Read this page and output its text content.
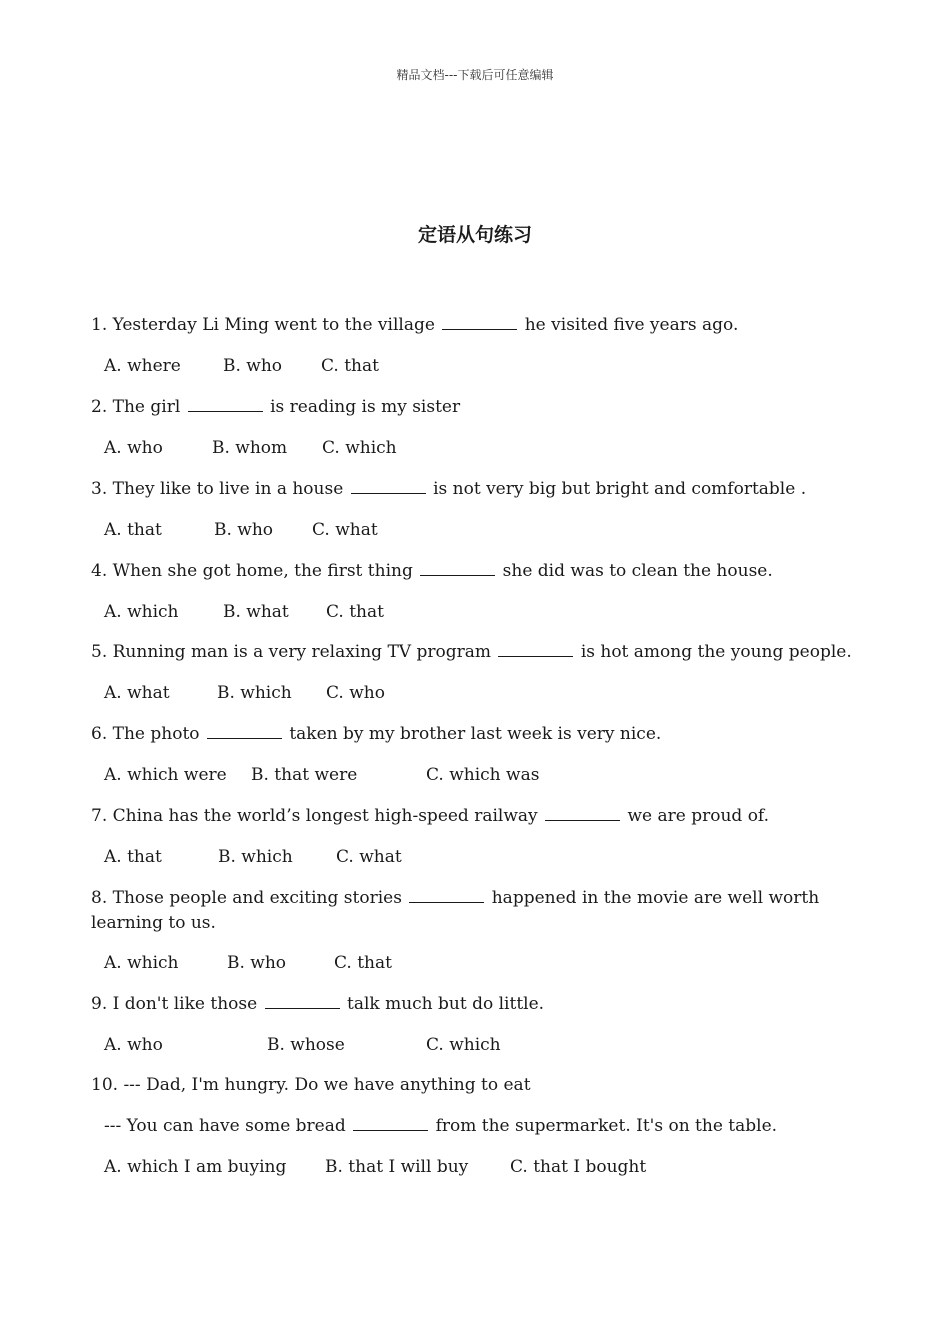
精品文档---下载后可任意编辑
定语从句练习
1. Yesterday Li Ming went to the village	he visited five years ago.
A. where B. who C. that
2. The girl	is reading is my sister
A. who	B. whom C. which
3. They like to live in a house	is not very big but bright and comfortable .
A. that	B. who C. what
4. When she got home, the first thing	she did was to clean the house.
A. which	B. what C. that
5. Running man is a very relaxing TV program	is hot among the young people.
A. what	B. which C. who
6. The photo	taken by my brother last week is very nice.
A. which were B. that were	C. which was
7. China has the world’s longest high-speed railway	we are proud of.
A. that	B. which	C. what
8. Those people and exciting stories	happened in the movie are well worth learning to us.
A. which	B. who	C. that
9. I don't like those	talk much but do little.
A. who	B. whose	C. which
10. --- Dad, I'm hungry. Do we have anything to eat
--- You can have some bread	from the supermarket. It's on the table.
A. which I am buying B. that I will buy C. that I bought
